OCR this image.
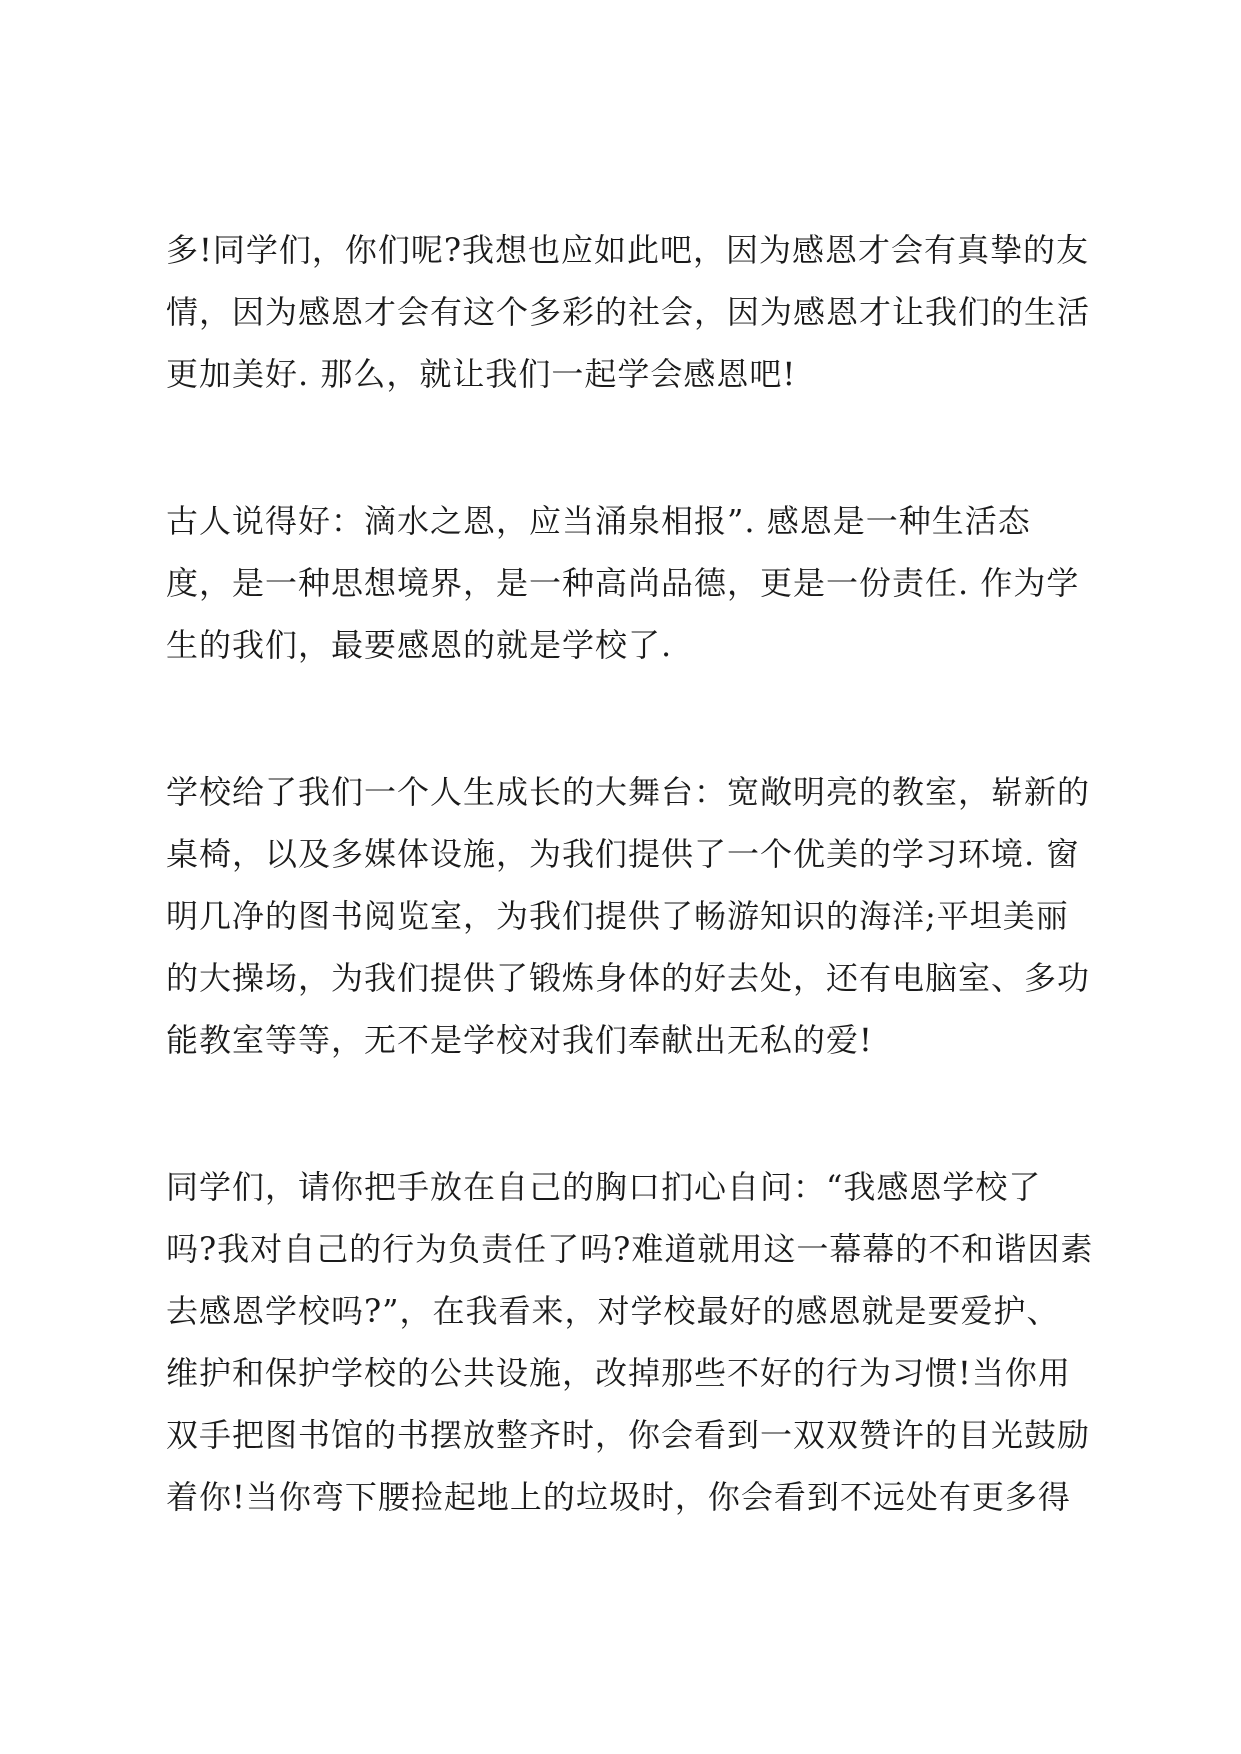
多!同学们，你们呢?我想也应如此吧，因为感恩才会有真挚的友
情，因为感恩才会有这个多彩的社会，因为感恩才让我们的生活
更加美好. 那么，就让我们一起学会感恩吧!
古人说得好：滴水之恩，应当涌泉相报”. 感恩是一种生活态
度，是一种思想境界，是一种高尚品德，更是一份责任. 作为学
生的我们，最要感恩的就是学校了.
学校给了我们一个人生成长的大舞台：宽敞明亮的教室，崭新的
桌椅，以及多媒体设施，为我们提供了一个优美的学习环境. 窗
明几净的图书阅览室，为我们提供了畅游知识的海洋;平坦美丽
的大操场，为我们提供了锻炼身体的好去处，还有电脑室、多功
能教室等等，无不是学校对我们奉献出无私的爱!
同学们，请你把手放在自己的胸口扪心自问：“我感恩学校了
吗?我对自己的行为负责任了吗?难道就用这一幕幕的不和谐因素
去感恩学校吗?”，在我看来，对学校最好的感恩就是要爱护、
维护和保护学校的公共设施，改掉那些不好的行为习惯!当你用
双手把图书馆的书摆放整齐时，你会看到一双双赞许的目光鼓励
着你!当你弯下腰捡起地上的垃圾时，你会看到不远处有更多得
